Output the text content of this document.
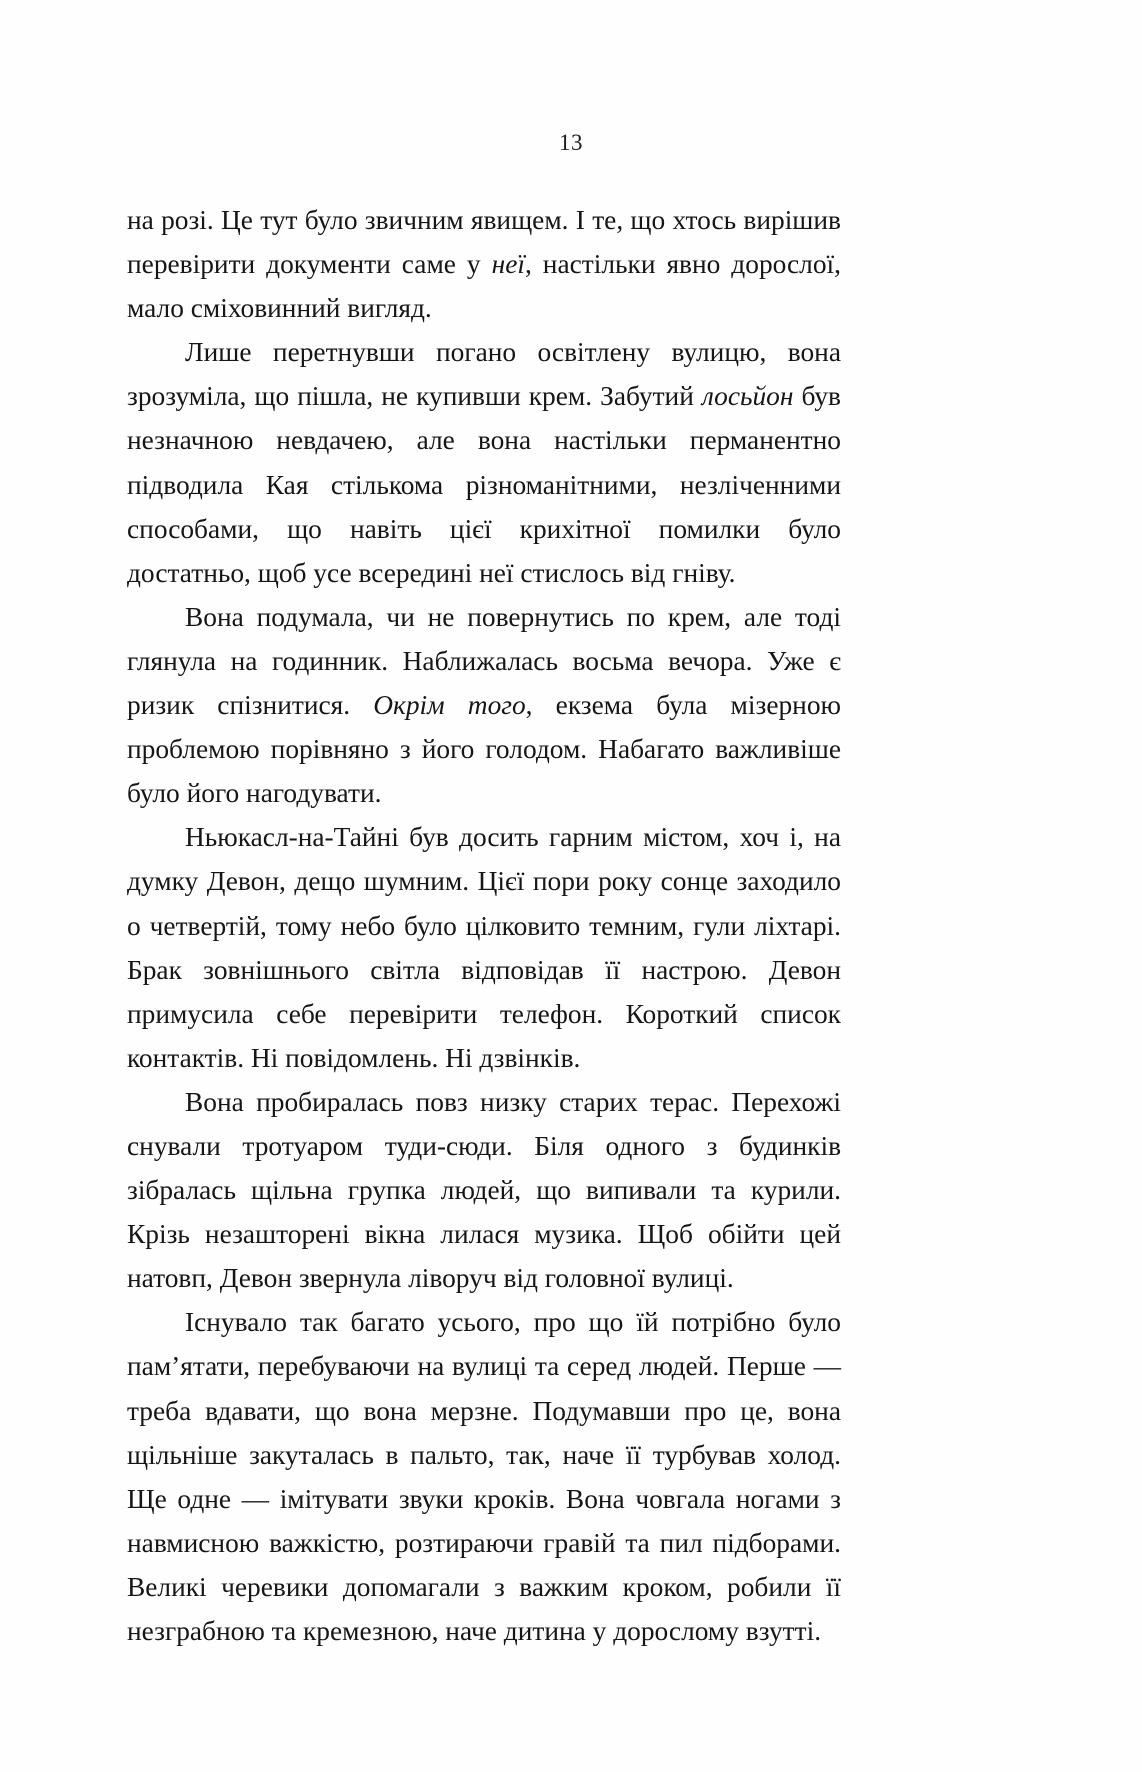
13

на розі. Це тут було звичним явищем. І те, що хтось вирішив перевірити документи саме у неї, настільки явно дорослої, мало сміховинний вигляд.

Лише перетнувши погано освітлену вулицю, вона зрозуміла, що пішла, не купивши крем. Забутий лосьйон був незначною невдачею, але вона настільки перманентно підводила Кая стількома різноманітними, незліченними способами, що навіть цієї крихітної помилки було достатньо, щоб усе всередині неї стислось від гніву.

Вона подумала, чи не повернутись по крем, але тоді глянула на годинник. Наближалась восьма вечора. Уже є ризик спізнитися. Окрім того, екзема була мізерною проблемою порівняно з його голодом. Набагато важливіше було його нагодувати.

Ньюкасл-на-Тайні був досить гарним містом, хоч і, на думку Девон, дещо шумним. Цієї пори року сонце заходило о четвертій, тому небо було цілковито темним, гули ліхтарі. Брак зовнішнього світла відповідав її настрою. Девон примусила себе перевірити телефон. Короткий список контактів. Ні повідомлень. Ні дзвінків.

Вона пробиралась повз низку старих терас. Перехожі снували тротуаром туди-сюди. Біля одного з будинків зібралась щільна групка людей, що випивали та курили. Крізь незашторені вікна лилася музика. Щоб обійти цей натовп, Девон звернула ліворуч від головної вулиці.

Існувало так багато усього, про що їй потрібно було пам’ятати, перебуваючи на вулиці та серед людей. Перше — треба вдавати, що вона мерзне. Подумавши про це, вона щільніше закуталась в пальто, так, наче її турбував холод. Ще одне — імітувати звуки кроків. Вона човгала ногами з навмисною важкістю, розтираючи гравій та пил підборами. Великі черевики допомагали з важким кроком, робили її незграбною та кремезною, наче дитина у дорослому взутті.
